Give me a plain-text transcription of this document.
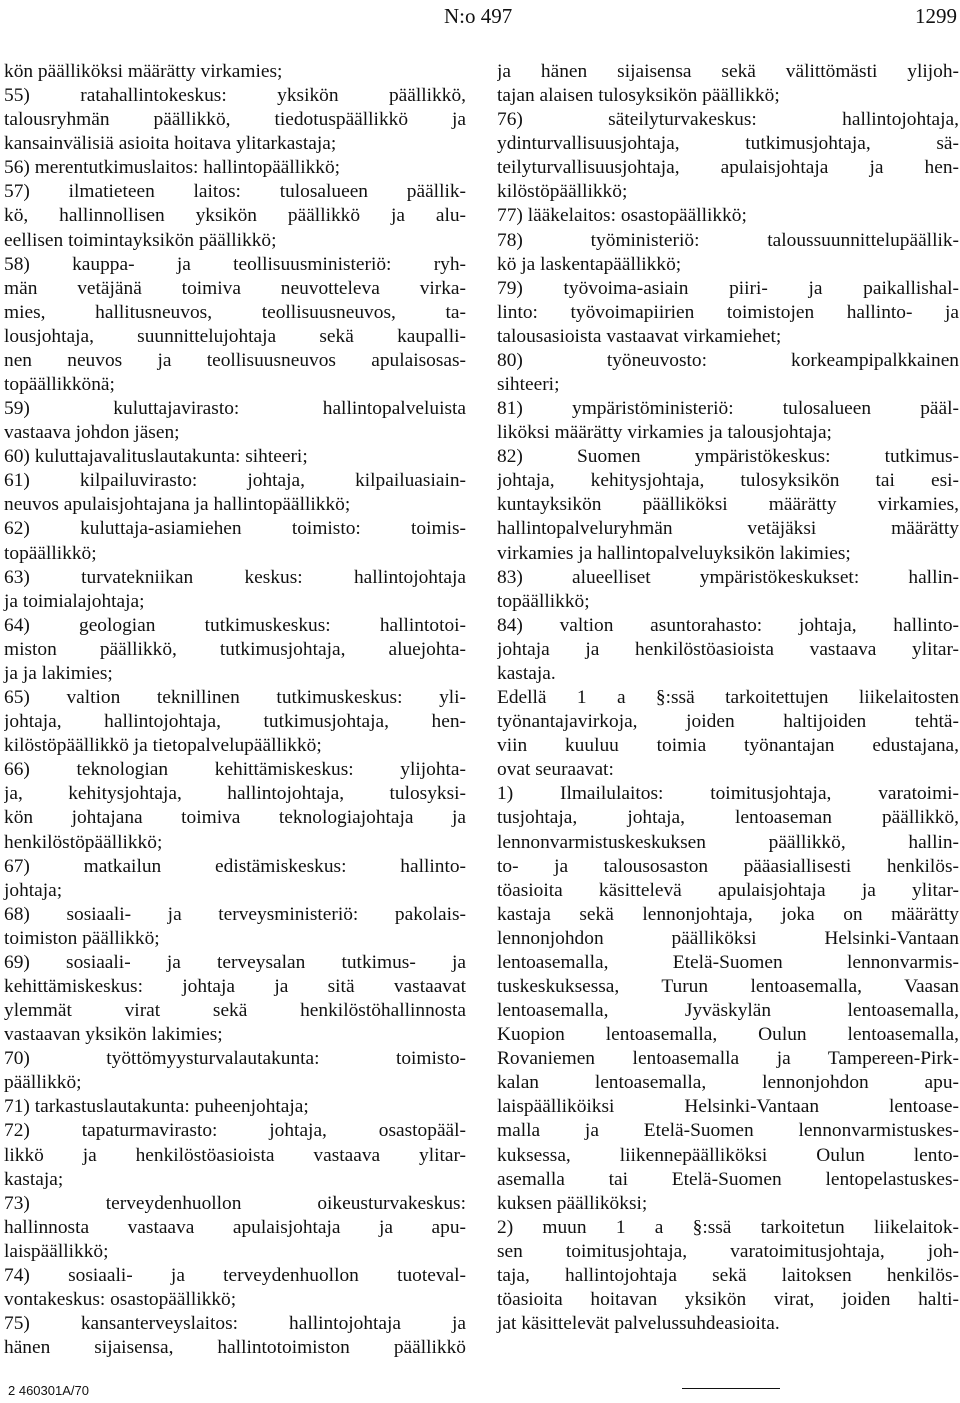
N:o 497	1299
kön päälliköksi määrätty virkamies;
55) ratahallintokeskus: yksikön päällikkö,
talousryhmän päällikkö, tiedotuspäällikkö ja
kansainvälisiä asioita hoitava ylitarkastaja;
56) merentutkimuslaitos: hallintopäällikkö;
57) ilmatieteen laitos: tulosalueen päällik-
kö, hallinnollisen yksikön päällikkö ja alu-
eellisen toimintayksikön päällikkö;
58) kauppa- ja teollisuusministeriö: ryh-
män vetäjänä toimiva neuvotteleva virka-
mies, hallitusneuvos, teollisuusneuvos, ta-
lousjohtaja, suunnittelujohtaja sekä kaupalli-
nen neuvos ja teollisuusneuvos apulaisosas-
topäällikkönä;
59) kuluttajavirasto: hallintopalveluista
vastaava johdon jäsen;
60) kuluttajavalituslautakunta: sihteeri;
61) kilpailuvirasto: johtaja, kilpailuasiain-
neuvos apulaisjohtajana ja hallintopäällikkö;
62) kuluttaja-asiamiehen toimisto: toimis-
topäällikkö;
63) turvatekniikan keskus: hallintojohtaja
ja toimialajohtaja;
64) geologian tutkimuskeskus: hallintotoi-
miston päällikkö, tutkimusjohtaja, aluejohta-
ja ja lakimies;
65) valtion teknillinen tutkimuskeskus: yli-
johtaja, hallintojohtaja, tutkimusjohtaja, hen-
kilöstöpäällikkö ja tietopalvelupäällikkö;
66) teknologian kehittämiskeskus: ylijohta-
ja, kehitysjohtaja, hallintojohtaja, tulosyksi-
kön johtajana toimiva teknologiajohtaja ja
henkilöstöpäällikkö;
67) matkailun edistämiskeskus: hallinto-
johtaja;
68) sosiaali- ja terveysministeriö: pakolais-
toimiston päällikkö;
69) sosiaali- ja terveysalan tutkimus- ja
kehittämiskeskus: johtaja ja sitä vastaavat
ylemmät virat sekä henkilöstöhallinnosta
vastaavan yksikön lakimies;
70) työttömyysturvalautakunta: toimisto-
päällikkö;
71) tarkastuslautakunta: puheenjohtaja;
72) tapaturmavirasto: johtaja, osastopääl-
likkö ja henkilöstöasioista vastaava ylitar-
kastaja;
73) terveydenhuollon oikeusturvakeskus:
hallinnosta vastaava apulaisjohtaja ja apu-
laispäällikkö;
74) sosiaali- ja terveydenhuollon tuoteval-
vontakeskus: osastopäällikkö;
75) kansanterveyslaitos: hallintojohtaja ja
hänen sijaisensa, hallintotoimiston päällikkö
ja hänen sijaisensa sekä välittömästi ylijoh-
tajan alaisen tulosyksikön päällikkö;
76) säteilyturvakeskus: hallintojohtaja,
ydinturvallisuusjohtaja, tutkimusjohtaja, sä-
teilyturvallisuusjohtaja, apulaisjohtaja ja hen-
kilöstöpäällikkö;
77) lääkelaitos: osastopäällikkö;
78) työministeriö: taloussuunnittelupäällik-
kö ja laskentapäällikkö;
79) työvoima-asiain piiri- ja paikallishal-
linto: työvoimapiirien toimistojen hallinto- ja
talousasioista vastaavat virkamiehet;
80) työneuvosto: korkeampipalkkainen
sihteeri;
81) ympäristöministeriö: tulosalueen pääl-
liköksi määrätty virkamies ja talousjohtaja;
82) Suomen ympäristökeskus: tutkimus-
johtaja, kehitysjohtaja, tulosyksikön tai esi-
kuntayksikön päälliköksi määrätty virkamies,
hallintopalveluryhmän vetäjäksi määrätty
virkamies ja hallintopalveluyksikön lakimies;
83) alueelliset ympäristökeskukset: hallin-
topäällikkö;
84) valtion asuntorahasto: johtaja, hallinto-
johtaja ja henkilöstöasioista vastaava ylitar-
kastaja.
Edellä 1 a §:ssä tarkoitettujen liikelaitosten
työnantajavirkoja, joiden haltijoiden tehtä-
viin kuuluu toimia työnantajan edustajana,
ovat seuraavat:
1) Ilmailulaitos: toimitusjohtaja, varatoimi-
tusjohtaja, johtaja, lentoaseman päällikkö,
lennonvarmistuskeskuksen päällikkö, hallin-
to- ja talousosaston pääasiallisesti henkilös-
töasioita käsittelevä apulaisjohtaja ja ylitar-
kastaja sekä lennonjohtaja, joka on määrätty
lennonjohdon päälliköksi Helsinki-Vantaan
lentoasemalla, Etelä-Suomen lennonvarmis-
tuskeskuksessa, Turun lentoasemalla, Vaasan
lentoasemalla, Jyväskylän lentoasemalla,
Kuopion lentoasemalla, Oulun lentoasemalla,
Rovaniemen lentoasemalla ja Tampereen-Pirk-
kalan lentoasemalla, lennonjohdon apu-
laispäälliköiksi Helsinki-Vantaan lentoase-
malla ja Etelä-Suomen lennonvarmistuskes-
kuksessa, liikennepäälliköksi Oulun lento-
asemalla tai Etelä-Suomen lentopelastuskes-
kuksen päälliköksi;
2) muun 1 a §:ssä tarkoitetun liikelaitok-
sen toimitusjohtaja, varatoimitusjohtaja, joh-
taja, hallintojohtaja sekä laitoksen henkilös-
töasioita hoitavan yksikön virat, joiden halti-
jat käsittelevät palvelussuhdeasioita.
2 460301A/70
